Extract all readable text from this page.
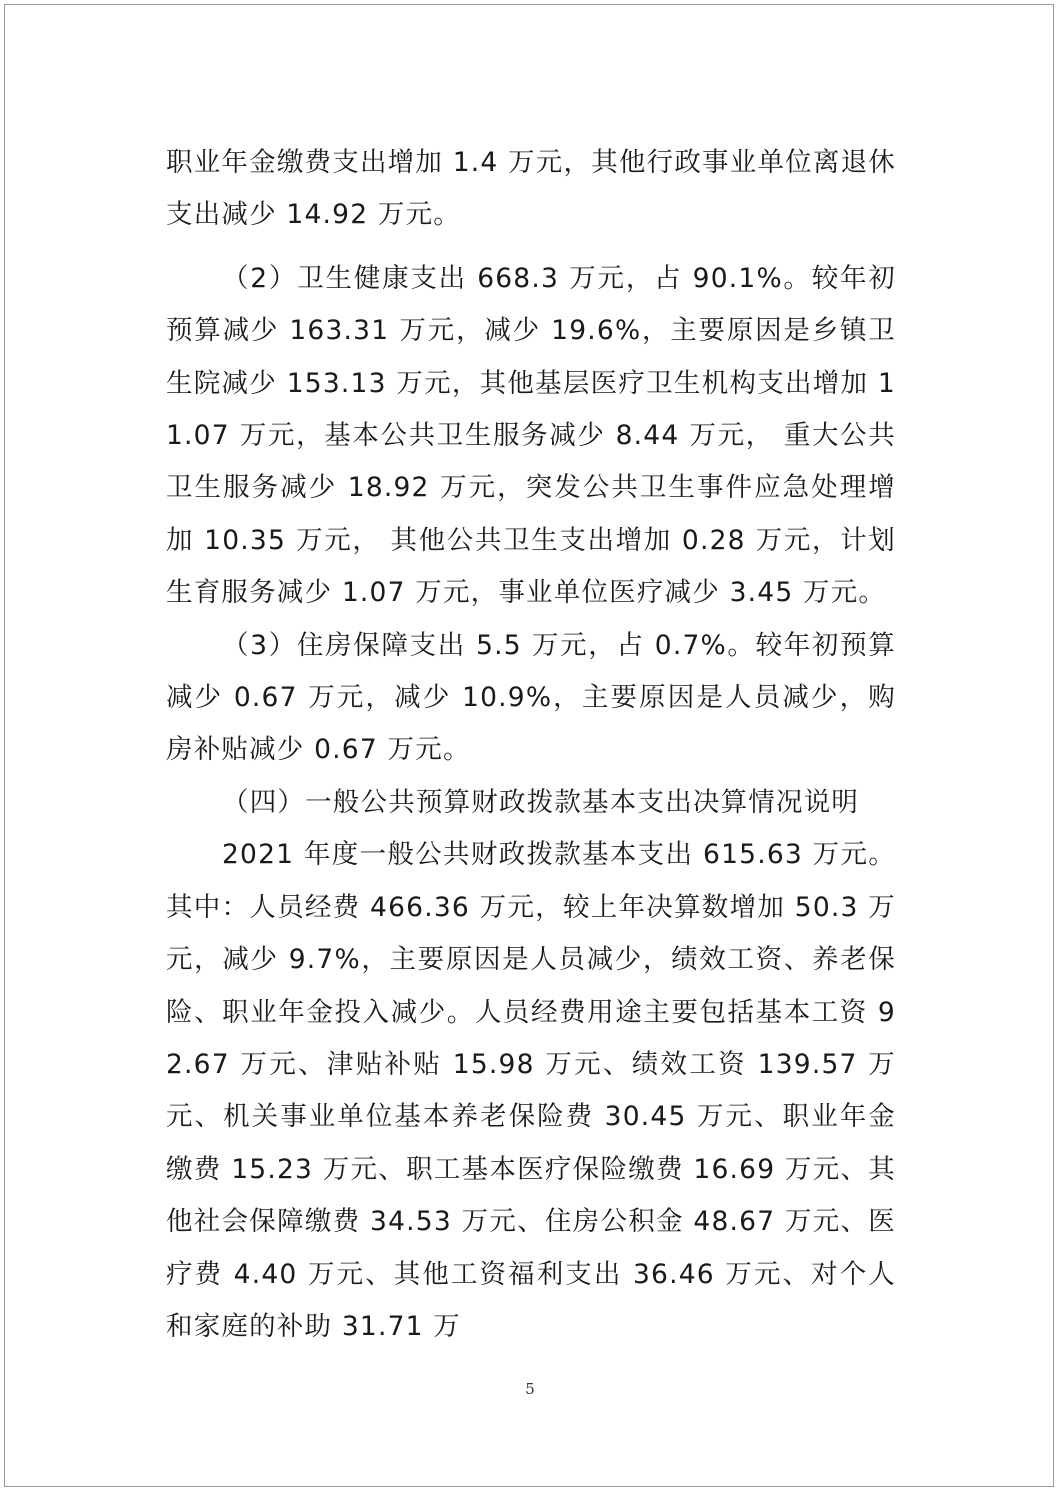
职业年金缴费支出增加 1.4 万元，其他行政事业单位离退休支出减少 14.92 万元。

（2）卫生健康支出 668.3 万元，占 90.1%。较年初预算减少 163.31 万元，减少 19.6%，主要原因是乡镇卫生院减少 153.13 万元，其他基层医疗卫生机构支出增加 11.07 万元，基本公共卫生服务减少 8.44 万元， 重大公共卫生服务减少 18.92 万元，突发公共卫生事件应急处理增加 10.35 万元， 其他公共卫生支出增加 0.28 万元，计划生育服务减少 1.07 万元，事业单位医疗减少 3.45 万元。

（3）住房保障支出 5.5 万元，占 0.7%。较年初预算减少 0.67 万元，减少 10.9%，主要原因是人员减少，购房补贴减少 0.67 万元。

（四）一般公共预算财政拨款基本支出决算情况说明

2021 年度一般公共财政拨款基本支出 615.63 万元。其中：人员经费 466.36 万元，较上年决算数增加 50.3 万元，减少 9.7%，主要原因是人员减少，绩效工资、养老保险、职业年金投入减少。人员经费用途主要包括基本工资 92.67 万元、津贴补贴 15.98 万元、绩效工资 139.57 万元、机关事业单位基本养老保险费 30.45 万元、职业年金缴费 15.23 万元、职工基本医疗保险缴费 16.69 万元、其他社会保障缴费 34.53 万元、住房公积金 48.67 万元、医疗费 4.40 万元、其他工资福利支出 36.46 万元、对个人和家庭的补助 31.71 万

5
